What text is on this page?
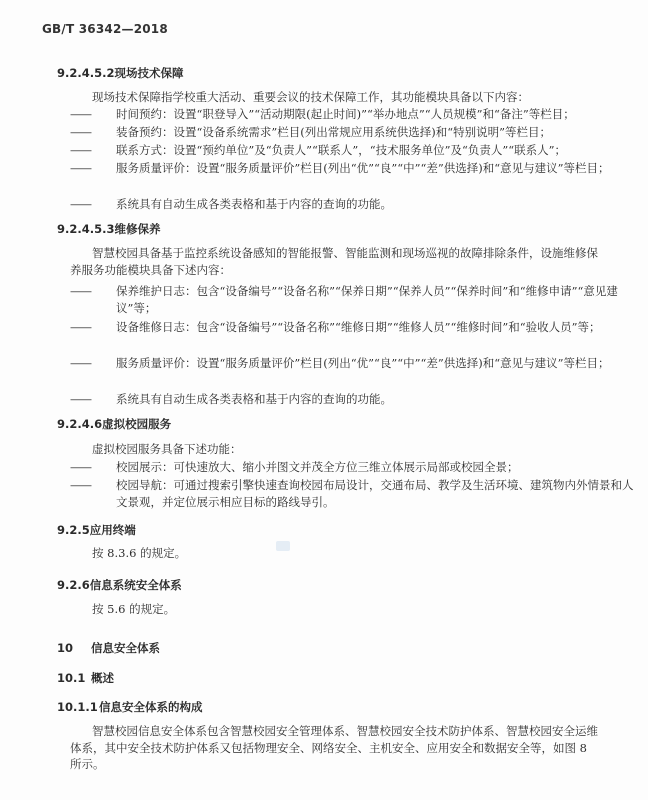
GB/T 36342—2018
9.2.4.5.2现场技术保障
现场技术保障指学校重大活动、重要会议的技术保障工作，其功能模块具备以下内容：
—— 时间预约：设置“职登导入”“活动期限(起止时间)”“举办地点”“人员规模”和“备注”等栏目；
—— 装备预约：设置“设备系统需求”栏目(列出常规应用系统供选择)和“特别说明”等栏目；
—— 联系方式：设置“预约单位”及“负责人”“联系人”，“技术服务单位”及“负责人”“联系人”；
—— 服务质量评价：设置“服务质量评价”栏目(列出“优”“良”“中”“差”供选择)和“意见与建议”等栏目；
—— 系统具有自动生成各类表格和基于内容的查询的功能。
9.2.4.5.3维修保养
智慧校园具备基于监控系统设备感知的智能报警、智能监测和现场巡视的故障排除条件，设施维修保养服务功能模块具备下述内容：
—— 保养维护日志：包含“设备编号”“设备名称”“保养日期”“保养人员”“保养时间”和“维修申请”“意见建议”等；
—— 设备维修日志：包含“设备编号”“设备名称”“维修日期”“维修人员”“维修时间”和“验收人员”等；
—— 服务质量评价：设置“服务质量评价”栏目(列出“优”“良”“中”“差”供选择)和“意见与建议”等栏目；
—— 系统具有自动生成各类表格和基于内容的查询的功能。
9.2.4.6虚拟校园服务
虚拟校园服务具备下述功能：
—— 校园展示：可快速放大、缩小并图文并茂全方位三维立体展示局部或校园全景；
—— 校园导航：可通过搜索引擎快速查询校园布局设计，交通布局、教学及生活环境、建筑物内外情景和人文景观，并定位展示相应目标的路线导引。
9.2.5应用终端
按 8.3.6 的规定。
9.2.6信息系统安全体系
按 5.6 的规定。
10 信息安全体系
10.1 概述
10.1.1信息安全体系的构成
智慧校园信息安全体系包含智慧校园安全管理体系、智慧校园安全技术防护体系、智慧校园安全运维体系，其中安全技术防护体系又包括物理安全、网络安全、主机安全、应用安全和数据安全等，如图 8 所示。
